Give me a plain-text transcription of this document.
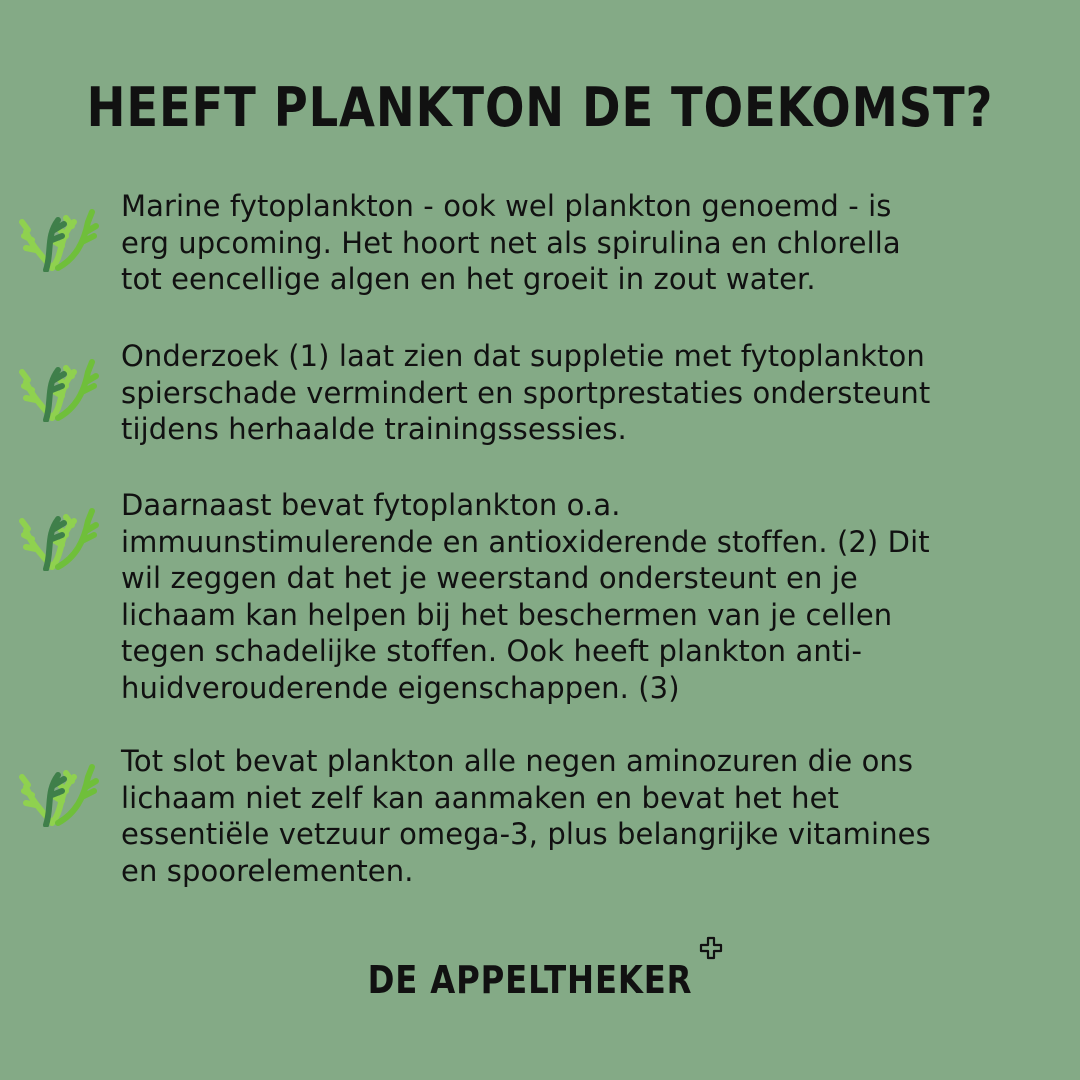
HEEFT PLANKTON DE TOEKOMST?
Marine fytoplankton - ook wel plankton genoemd - is
erg upcoming. Het hoort net als spirulina en chlorella
tot eencellige algen en het groeit in zout water.
Onderzoek (1) laat zien dat suppletie met fytoplankton
spierschade vermindert en sportprestaties ondersteunt
tijdens herhaalde trainingssessies.
Daarnaast bevat fytoplankton o.a.
immuunstimulerende en antioxiderende stoffen. (2) Dit
wil zeggen dat het je weerstand ondersteunt en je
lichaam kan helpen bij het beschermen van je cellen
tegen schadelijke stoffen. Ook heeft plankton anti-
huidverouderende eigenschappen. (3)
Tot slot bevat plankton alle negen aminozuren die ons
lichaam niet zelf kan aanmaken en bevat het het
essentiële vetzuur omega-3, plus belangrijke vitamines
en spoorelementen.
DE APPELTHEKER
